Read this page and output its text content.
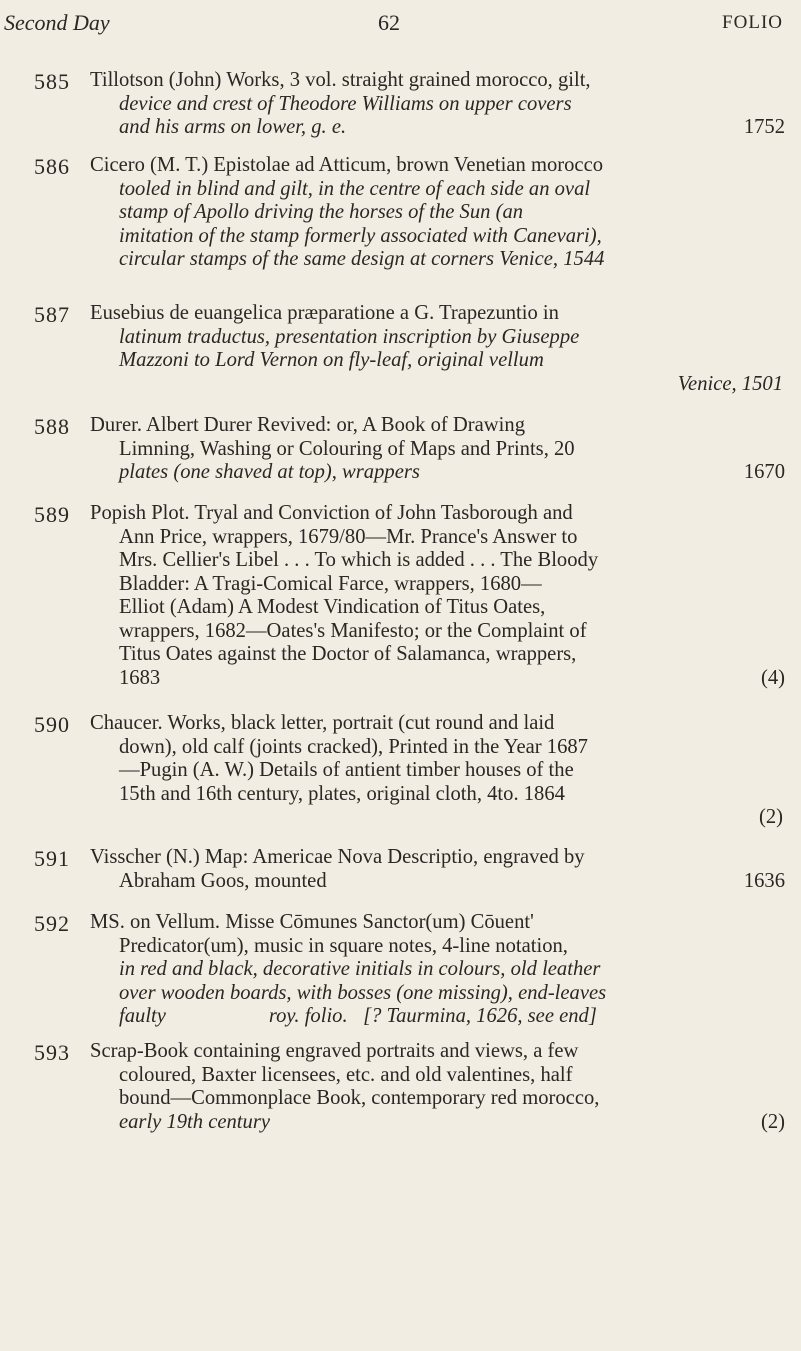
Second Day	62	FOLIO
585 Tillotson (John) Works, 3 vol. straight grained morocco, gilt,
device and crest of Theodore Williams on upper covers
and his arms on lower, g. e.	1752
586 Cicero (M. T.) Epistolae ad Atticum, brown Venetian morocco
tooled in blind and gilt, in the centre of each side an oval
stamp of Apollo driving the horses of the Sun (an
imitation of the stamp formerly associated with Canevari),
circular stamps of the same design at corners Venice, 1544
587 Eusebius de euangelica præparatione a G. Trapezuntio in
latinum traductus, presentation inscription by Giuseppe
Mazzoni to Lord Vernon on fly-leaf, original vellum
Venice, 1501
588 Durer. Albert Durer Revived: or, A Book of Drawing
Limning, Washing or Colouring of Maps and Prints, 20
plates (one shaved at top), wrappers	1670
589 Popish Plot. Tryal and Conviction of John Tasborough and
Ann Price, wrappers, 1679/80—Mr. Prance's Answer to
Mrs. Cellier's Libel . . . To which is added . . . The Bloody
Bladder: A Tragi-Comical Farce, wrappers, 1680—
Elliot (Adam) A Modest Vindication of Titus Oates,
wrappers, 1682—Oates's Manifesto; or the Complaint of
Titus Oates against the Doctor of Salamanca, wrappers,
1683	(4)
590 Chaucer. Works, black letter, portrait (cut round and laid
down), old calf (joints cracked), Printed in the Year 1687
—Pugin (A. W.) Details of antient timber houses of the
15th and 16th century, plates, original cloth, 4to. 1864
(2)
591 Visscher (N.) Map: Americae Nova Descriptio, engraved by
Abraham Goos, mounted	1636
592 MS. on Vellum. Misse Cōmunes Sanctor(um) Cōuent'
Predicator(um), music in square notes, 4-line notation,
in red and black, decorative initials in colours, old leather
over wooden boards, with bosses (one missing), end-leaves
faulty                    roy. folio.   [? Taurmina, 1626, see end]
593 Scrap-Book containing engraved portraits and views, a few
coloured, Baxter licensees, etc. and old valentines, half
bound—Commonplace Book, contemporary red morocco,
early 19th century	(2)
